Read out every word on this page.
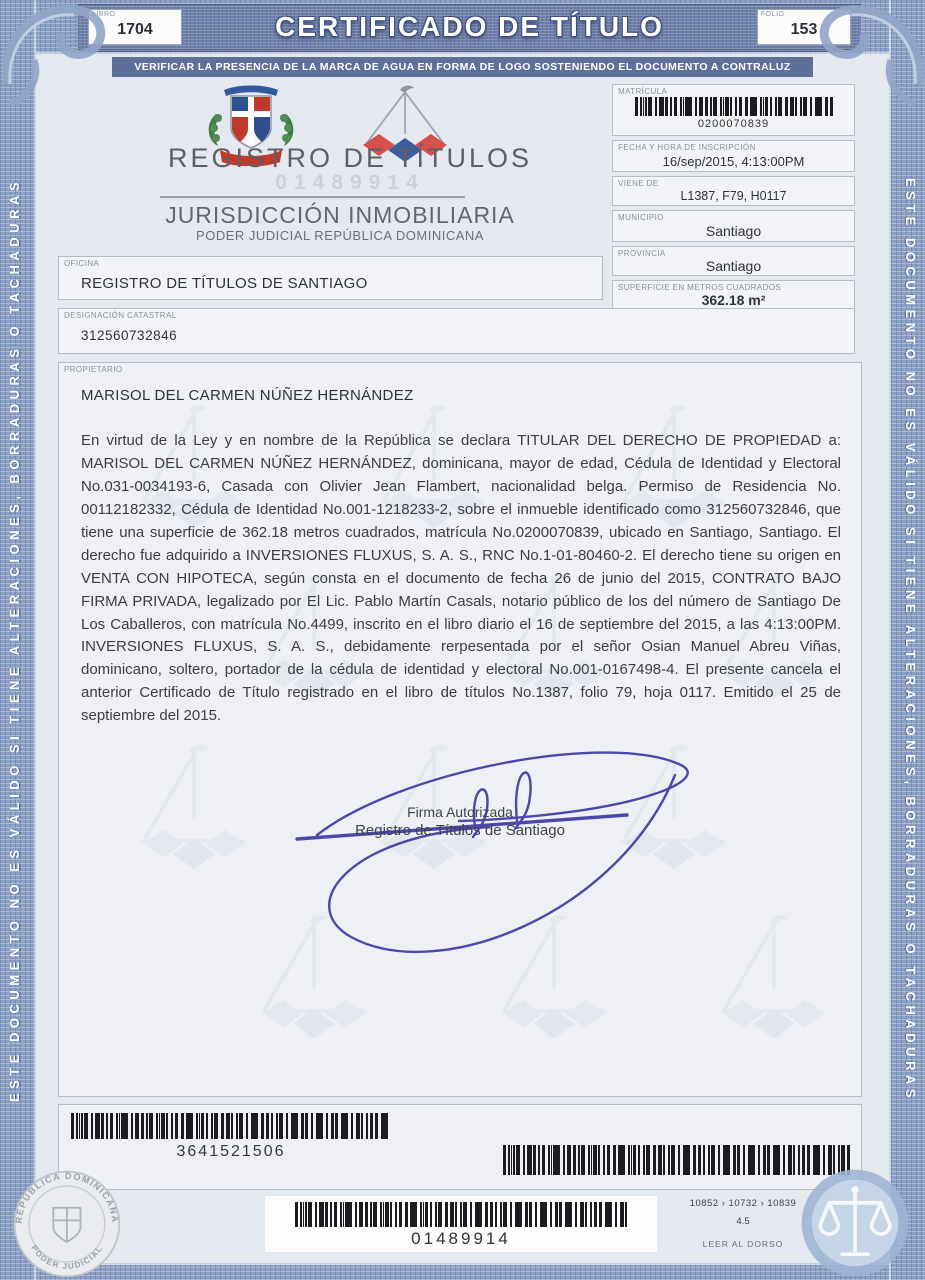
ESTE DOCUMENTO NO ES VÁLIDO SI TIENE ALTERACIONES, BORRADURAS O TACHADURAS	ESTE DOCUMENTO NO ES VÁLIDO SI TIENE ALTERACIONES, BORRADURAS O TACHADURAS
LIBRO
1704	CERTIFICADO DE TÍTULO	FOLIO
153
VERIFICAR LA PRESENCIA DE LA MARCA DE AGUA EN FORMA DE LOGO SOSTENIENDO EL DOCUMENTO A CONTRALUZ
REGISTRO DE TÍTULOS
01489914
JURISDICCIÓN INMOBILIARIA
PODER JUDICIAL REPÚBLICA DOMINICANA
MATRÍCULA
0200070839
FECHA Y HORA DE INSCRIPCIÓN
16/sep/2015, 4:13:00PM
VIENE DE
L1387, F79, H0117
MUNICIPIO
Santiago
PROVINCIA
Santiago
SUPERFICIE EN METROS CUADRADOS
362.18 m²
OFICINA
REGISTRO DE TÍTULOS DE SANTIAGO
DESIGNACIÓN CATASTRAL
312560732846
PROPIETARIO
MARISOL DEL CARMEN NÚÑEZ HERNÁNDEZ

En virtud de la Ley y en nombre de la República se declara TITULAR DEL DERECHO DE PROPIEDAD a: MARISOL DEL CARMEN NÚÑEZ HERNÁNDEZ, dominicana, mayor de edad, Cédula de Identidad y Electoral No.031-0034193-6, Casada con Olivier Jean Flambert, nacionalidad belga. Permiso de Residencia No. 00112182332, Cédula de Identidad No.001-1218233-2, sobre el inmueble identificado como 312560732846, que tiene una superficie de 362.18 metros cuadrados, matrícula No.0200070839, ubicado en Santiago, Santiago. El derecho fue adquirido a INVERSIONES FLUXUS, S. A. S., RNC No.1-01-80460-2. El derecho tiene su origen en VENTA CON HIPOTECA, según consta en el documento de fecha 26 de junio del 2015, CONTRATO BAJO FIRMA PRIVADA, legalizado por El Lic. Pablo Martín Casals, notario público de los del número de Santiago De Los Caballeros, con matrícula No.4499, inscrito en el libro diario el 16 de septiembre del 2015, a las 4:13:00PM. INVERSIONES FLUXUS, S. A. S., debidamente rerpesentada por el señor Osian Manuel Abreu Viñas, dominicano, soltero, portador de la cédula de identidad y electoral No.001-0167498-4. El presente cancela el anterior Certificado de Título registrado en el libro de títulos No.1387, folio 79, hoja 0117. Emitido el 25 de septiembre del 2015.

Firma Autorizada
Registro de Títulos de Santiago
3641521506
01489914
10852 › 10732 › 10839
4.5
LEER AL DORSO
REPÚBLICA DOMINICANA
PODER JUDICIAL
